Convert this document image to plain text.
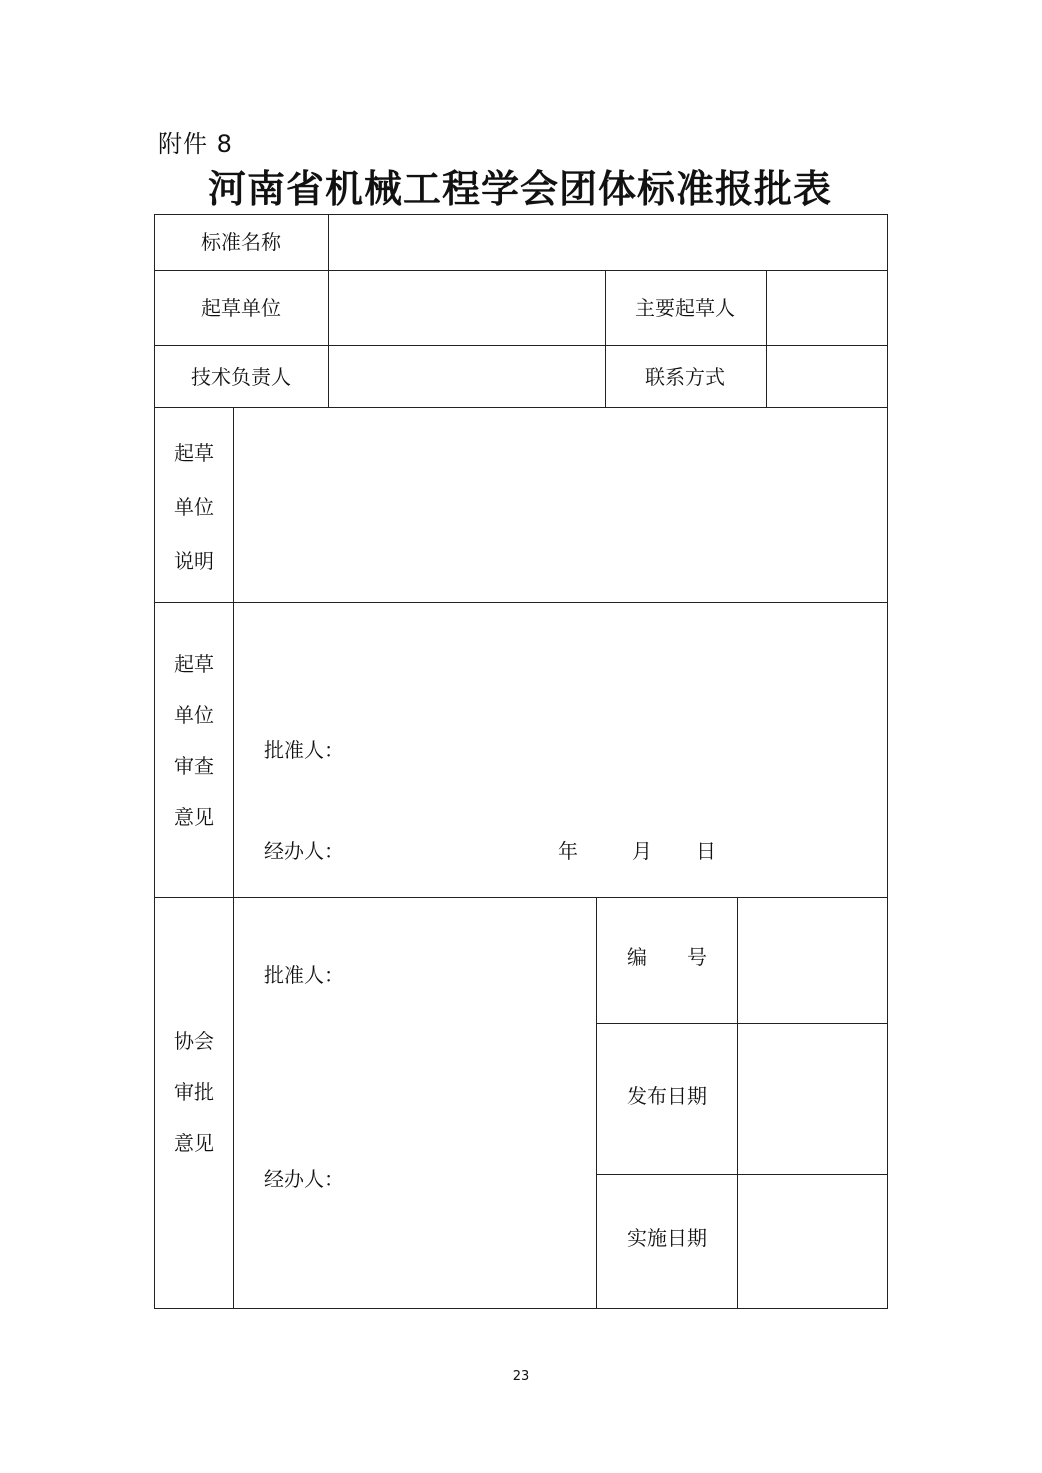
附件 8
河南省机械工程学会团体标准报批表
标准名称
起草单位	主要起草人
技术负责人	联系方式
起草
单位
说明
起草
单位
审查
意见
批准人：
经办人：	年	月 日
协会
审批
意见
批准人：
经办人：
编　　号
发布日期
实施日期
23
